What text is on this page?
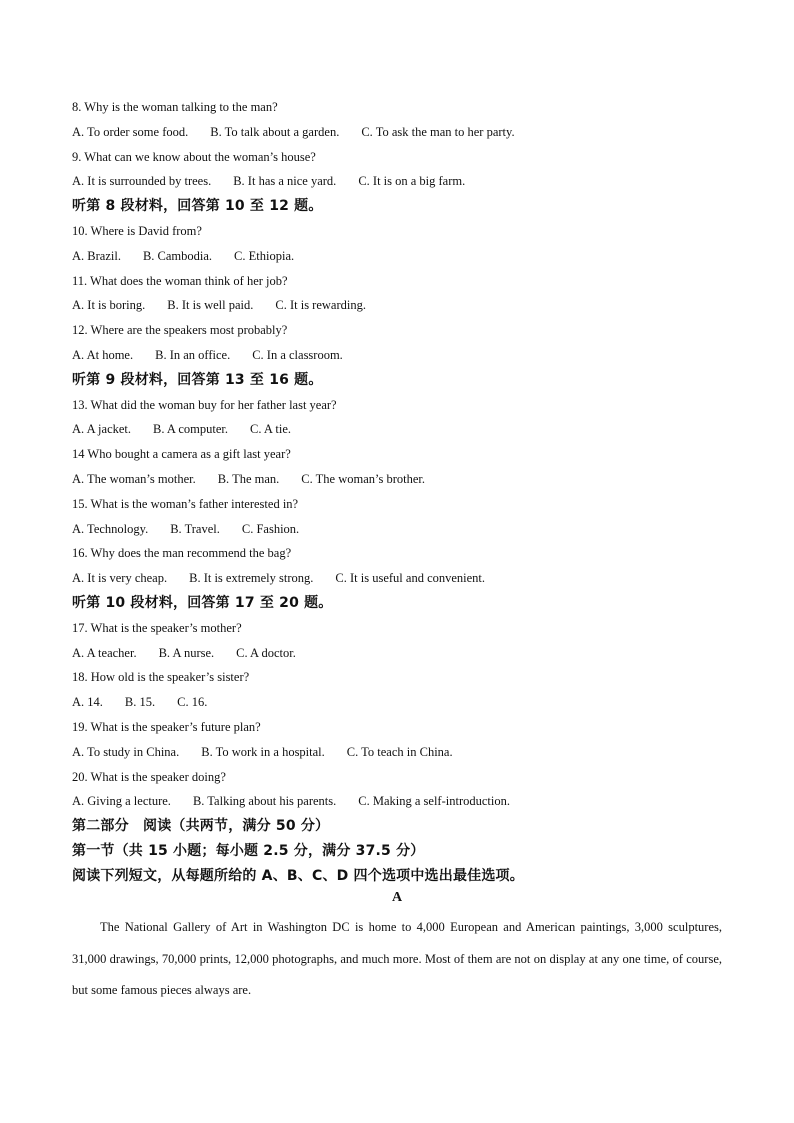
8. Why is the woman talking to the man?
A. To order some food. B. To talk about a garden. C. To ask the man to her party.
9. What can we know about the woman’s house?
A. It is surrounded by trees. B. It has a nice yard. C. It is on a big farm.
听第 8 段材料，回答第 10 至 12 题。
10. Where is David from?
A. Brazil. B. Cambodia. C. Ethiopia.
11. What does the woman think of her job?
A. It is boring. B. It is well paid. C. It is rewarding.
12. Where are the speakers most probably?
A. At home. B. In an office. C. In a classroom.
听第 9 段材料，回答第 13 至 16 题。
13. What did the woman buy for her father last year?
A. A jacket. B. A computer. C. A tie.
14 Who bought a camera as a gift last year?
A. The woman’s mother. B. The man. C. The woman’s brother.
15. What is the woman’s father interested in?
A. Technology. B. Travel. C. Fashion.
16. Why does the man recommend the bag?
A. It is very cheap. B. It is extremely strong. C. It is useful and convenient.
听第 10 段材料，回答第 17 至 20 题。
17. What is the speaker’s mother?
A. A teacher. B. A nurse. C. A doctor.
18. How old is the speaker’s sister?
A. 14. B. 15. C. 16.
19. What is the speaker’s future plan?
A. To study in China. B. To work in a hospital. C. To teach in China.
20. What is the speaker doing?
A. Giving a lecture. B. Talking about his parents. C. Making a self-introduction.
第二部分　阅读（共两节，满分 50 分）
第一节（共 15 小题；每小题 2.5 分，满分 37.5 分）
阅读下列短文，从每题所给的 A、B、C、D 四个选项中选出最佳选项。
A
The National Gallery of Art in Washington DC is home to 4,000 European and American paintings, 3,000 sculptures, 31,000 drawings, 70,000 prints, 12,000 photographs, and much more. Most of them are not on display at any one time, of course, but some famous pieces always are.
